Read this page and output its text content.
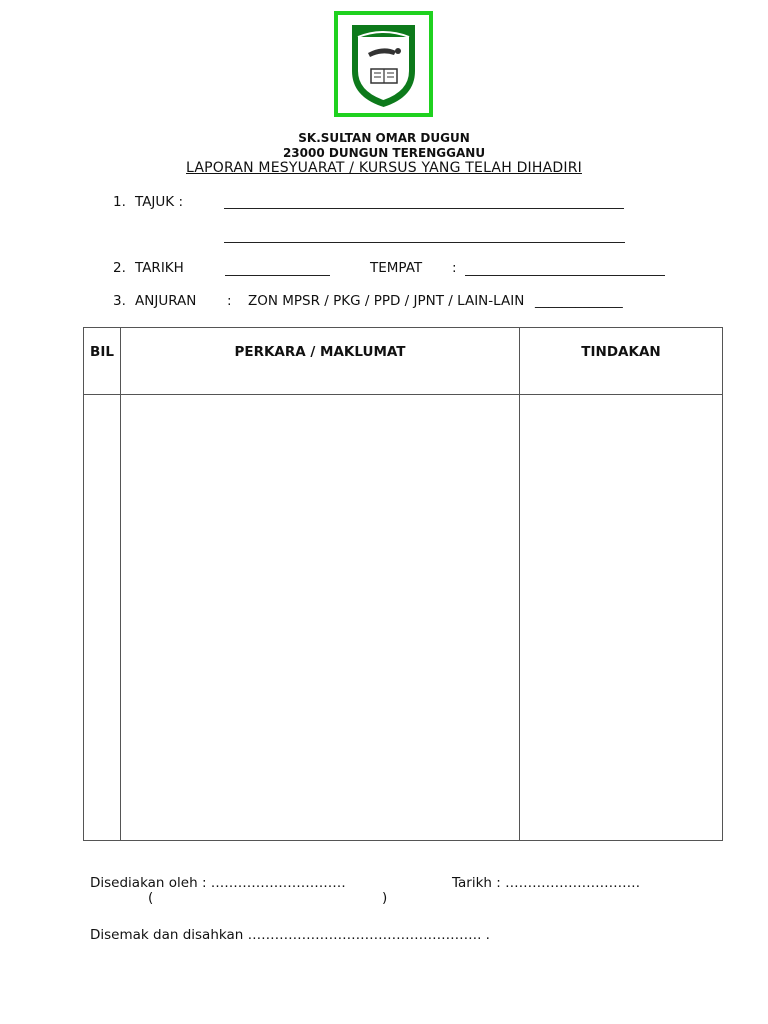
SK.SULTAN OMAR DUGUN
23000 DUNGUN TERENGGANU
LAPORAN MESYUARAT / KURSUS YANG TELAH DIHADIRI
1. TAJUK :
2. TARIKH	TEMPAT :
3. ANJURAN : ZON MPSR / PKG / PPD / JPNT / LAIN-LAIN _____________
BIL	PERKARA / MAKLUMAT	TINDAKAN
Disediakan oleh : …………………………	Tarikh : …………………………
(	)
Disemak dan disahkan ……………………………………………. .
